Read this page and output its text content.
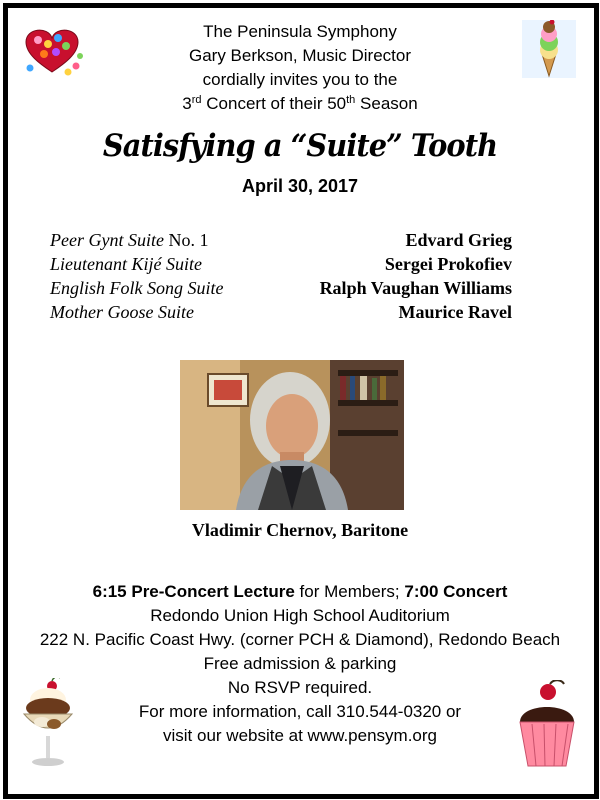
The Peninsula Symphony
Gary Berkson, Music Director
cordially invites you to the
3rd Concert of their 50th Season
Satisfying a “Suite” Tooth
April 30, 2017
Peer Gynt Suite No. 1	Edvard Grieg
Lieutenant Kijé Suite	Sergei Prokofiev
English Folk Song Suite	Ralph Vaughan Williams
Mother Goose Suite	Maurice Ravel
Vladimir Chernov, Baritone
6:15 Pre-Concert Lecture for Members; 7:00 Concert
Redondo Union High School Auditorium
222 N. Pacific Coast Hwy. (corner PCH & Diamond), Redondo Beach
Free admission & parking
No RSVP required.
For more information, call 310.544-0320 or
visit our website at www.pensym.org
